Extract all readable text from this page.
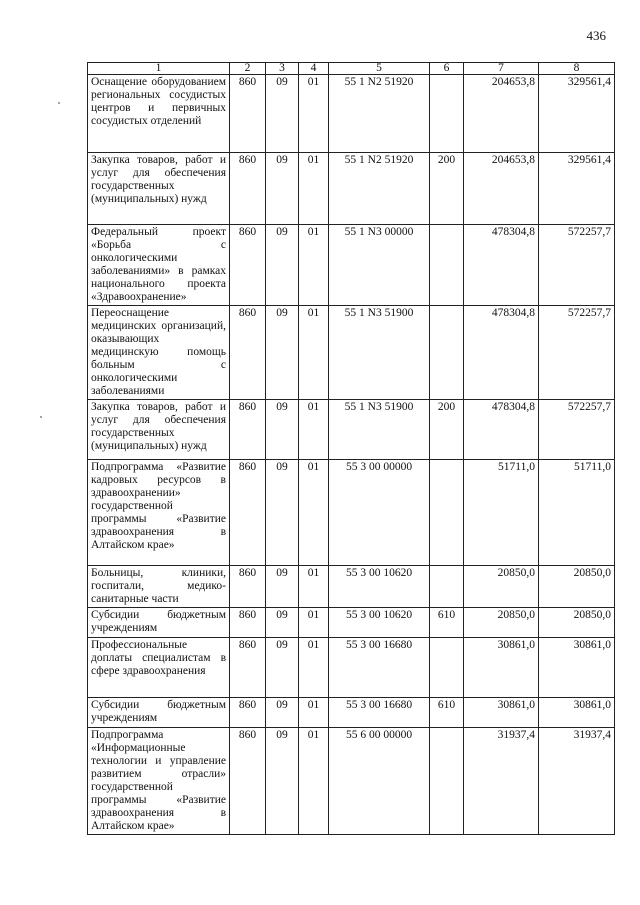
436
1	2	3	4	5	6	7	8
Оснащение оборудованием региональных сосудистых центров и первичных сосудистых отделений	860	09	01	55 1 N2 51920		204653,8	329561,4
Закупка товаров, работ и услуг для обеспечения государственных (муниципальных) нужд	860	09	01	55 1 N2 51920	200	204653,8	329561,4
Федеральный проект «Борьба с онкологическими заболеваниями» в рамках национального проекта «Здравоохранение»	860	09	01	55 1 N3 00000		478304,8	572257,7
Переоснащение медицинских организаций, оказывающих медицинскую помощь больным с онкологическими заболеваниями	860	09	01	55 1 N3 51900		478304,8	572257,7
Закупка товаров, работ и услуг для обеспечения государственных (муниципальных) нужд	860	09	01	55 1 N3 51900	200	478304,8	572257,7
Подпрограмма «Развитие кадровых ресурсов в здравоохранении» государственной программы «Развитие здравоохранения в Алтайском крае»	860	09	01	55 3 00 00000		51711,0	51711,0
Больницы, клиники, госпитали, медико-санитарные части	860	09	01	55 3 00 10620		20850,0	20850,0
Субсидии бюджетным учреждениям	860	09	01	55 3 00 10620	610	20850,0	20850,0
Профессиональные доплаты специалистам в сфере здравоохранения	860	09	01	55 3 00 16680		30861,0	30861,0
Субсидии бюджетным учреждениям	860	09	01	55 3 00 16680	610	30861,0	30861,0
Подпрограмма «Информационные технологии и управление развитием отрасли» государственной программы «Развитие здравоохранения в Алтайском крае»	860	09	01	55 6 00 00000		31937,4	31937,4
